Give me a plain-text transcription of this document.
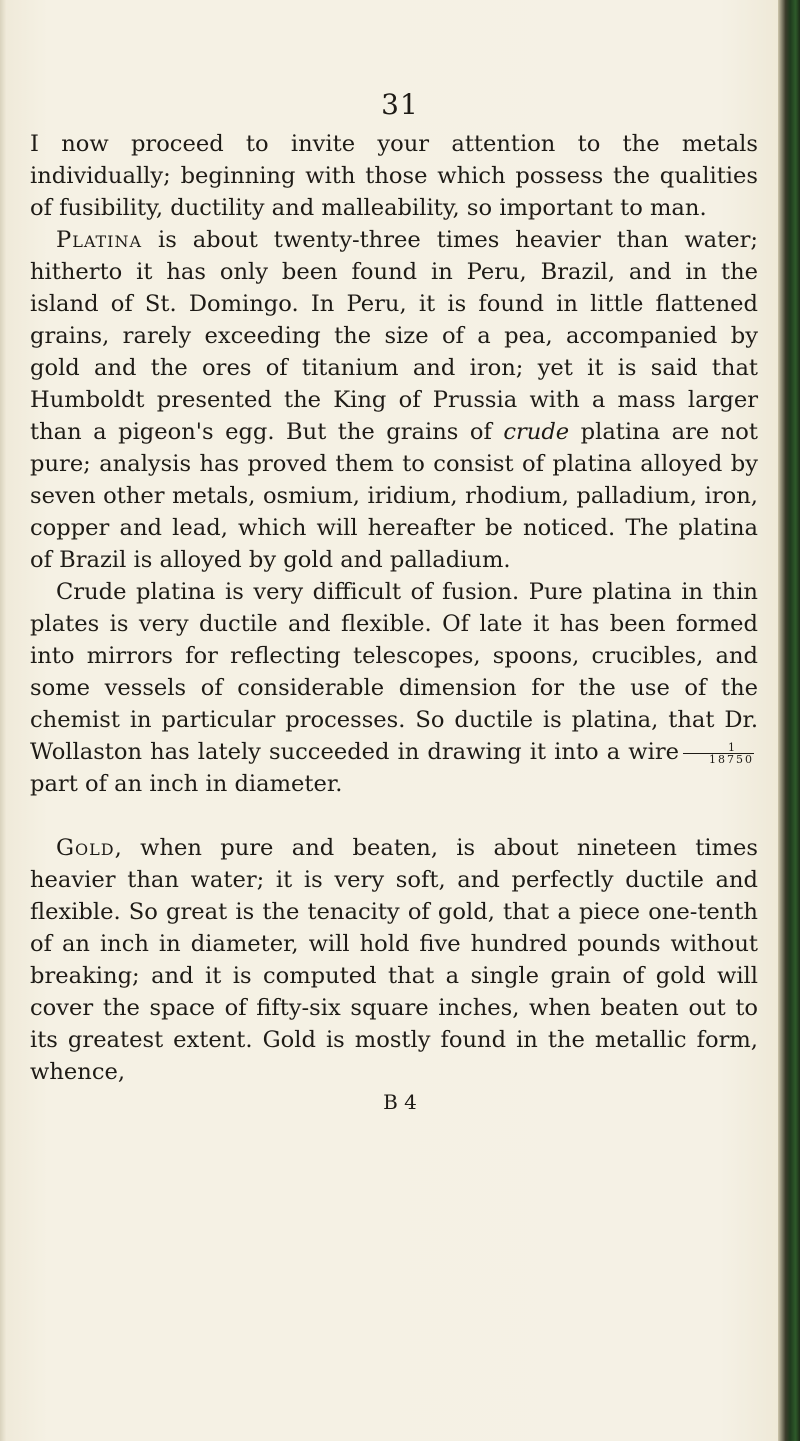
31

I now proceed to invite your attention to the metals individually; beginning with those which possess the qualities of fusibility, ductility and malleability, so important to man.

Platina is about twenty-three times heavier than water; hitherto it has only been found in Peru, Brazil, and in the island of St. Domingo. In Peru, it is found in little flattened grains, rarely exceeding the size of a pea, accompanied by gold and the ores of titanium and iron; yet it is said that Humboldt presented the King of Prussia with a mass larger than a pigeon's egg. But the grains of crude platina are not pure; analysis has proved them to consist of platina alloyed by seven other metals, osmium, iridium, rhodium, palladium, iron, copper and lead, which will hereafter be noticed. The platina of Brazil is alloyed by gold and palladium.

Crude platina is very difficult of fusion. Pure platina in thin plates is very ductile and flexible. Of late it has been formed into mirrors for reflecting telescopes, spoons, crucibles, and some vessels of considerable dimension for the use of the chemist in particular processes. So ductile is platina, that Dr. Wollaston has lately succeeded in drawing it into a wire $\frac{1}{18750}$
part of an inch in diameter.

Gold, when pure and beaten, is about nineteen times heavier than water; it is very soft, and perfectly ductile and flexible. So great is the tenacity of gold, that a piece one-tenth of an inch in diameter, will hold five hundred pounds without breaking; and it is computed that a single grain of gold will cover the space of fifty-six square inches, when beaten out to its greatest extent. Gold is mostly found in the metallic form, whence,

B 4
